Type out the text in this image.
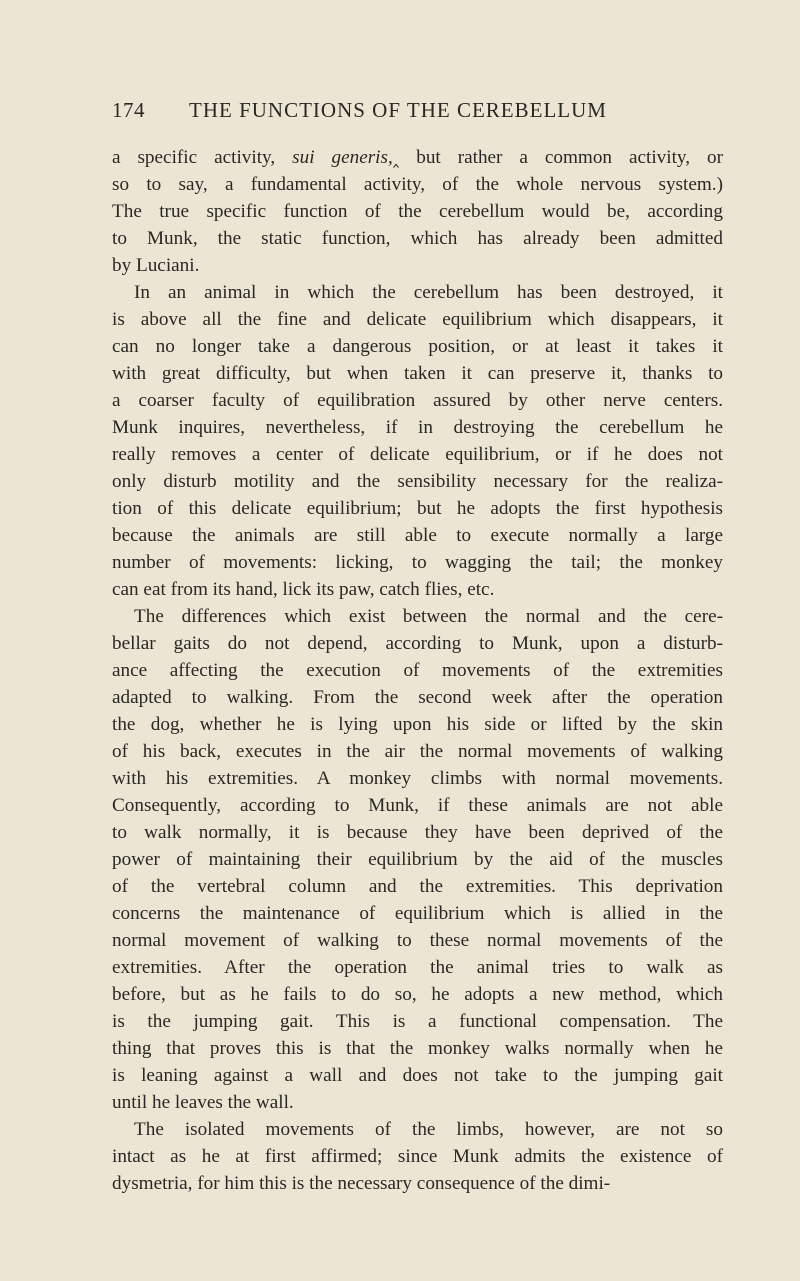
174 THE FUNCTIONS OF THE CEREBELLUM
a specific activity, sui generis,‸ but rather a common activity, or
so to say, a fundamental activity, of the whole nervous system.)
The true specific function of the cerebellum would be, according
to Munk, the static function, which has already been admitted
by Luciani.
In an animal in which the cerebellum has been destroyed, it
is above all the fine and delicate equilibrium which disappears, it
can no longer take a dangerous position, or at least it takes it
with great difficulty, but when taken it can preserve it, thanks to
a coarser faculty of equilibration assured by other nerve centers.
Munk inquires, nevertheless, if in destroying the cerebellum he
really removes a center of delicate equilibrium, or if he does not
only disturb motility and the sensibility necessary for the realiza-
tion of this delicate equilibrium; but he adopts the first hypothesis
because the animals are still able to execute normally a large
number of movements: licking, to wagging the tail; the monkey
can eat from its hand, lick its paw, catch flies, etc.
The differences which exist between the normal and the cere-
bellar gaits do not depend, according to Munk, upon a disturb-
ance affecting the execution of movements of the extremities
adapted to walking. From the second week after the operation
the dog, whether he is lying upon his side or lifted by the skin
of his back, executes in the air the normal movements of walking
with his extremities. A monkey climbs with normal movements.
Consequently, according to Munk, if these animals are not able
to walk normally, it is because they have been deprived of the
power of maintaining their equilibrium by the aid of the muscles
of the vertebral column and the extremities. This deprivation
concerns the maintenance of equilibrium which is allied in the
normal movement of walking to these normal movements of the
extremities. After the operation the animal tries to walk as
before, but as he fails to do so, he adopts a new method, which
is the jumping gait. This is a functional compensation. The
thing that proves this is that the monkey walks normally when he
is leaning against a wall and does not take to the jumping gait
until he leaves the wall.
The isolated movements of the limbs, however, are not so
intact as he at first affirmed; since Munk admits the existence of
dysmetria, for him this is the necessary consequence of the dimi-
